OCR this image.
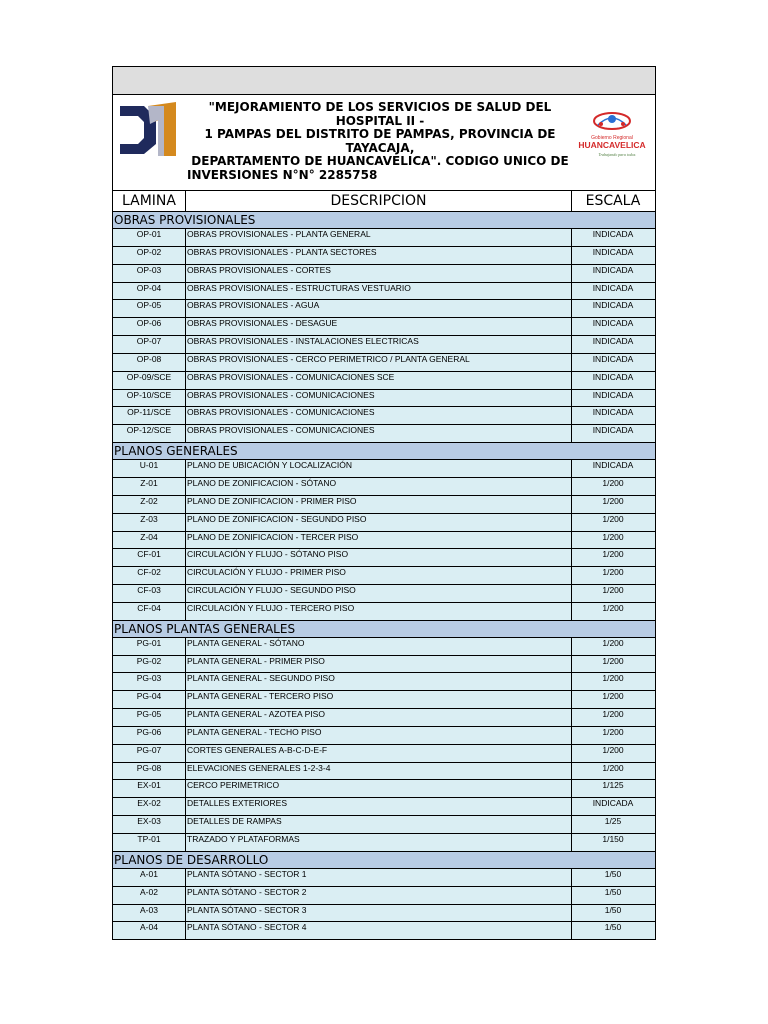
"MEJORAMIENTO DE LOS SERVICIOS DE SALUD DEL HOSPITAL II -
1 PAMPAS DEL DISTRITO DE PAMPAS, PROVINCIA DE TAYACAJA,
DEPARTAMENTO DE HUANCAVELICA". CODIGO UNICO DE
INVERSIONES N°N° 2285758
Gobierno Regional
HUANCAVELICA
Trabajando para todos
LAMINA	DESCRIPCION	ESCALA
OBRAS PROVISIONALES
OP-01	OBRAS PROVISIONALES - PLANTA GENERAL	INDICADA
OP-02	OBRAS PROVISIONALES - PLANTA SECTORES	INDICADA
OP-03	OBRAS PROVISIONALES - CORTES	INDICADA
OP-04	OBRAS PROVISIONALES - ESTRUCTURAS VESTUARIO	INDICADA
OP-05	OBRAS PROVISIONALES - AGUA	INDICADA
OP-06	OBRAS PROVISIONALES - DESAGUE	INDICADA
OP-07	OBRAS PROVISIONALES - INSTALACIONES ELECTRICAS	INDICADA
OP-08	OBRAS PROVISIONALES - CERCO PERIMETRICO / PLANTA GENERAL	INDICADA
OP-09/SCE	OBRAS PROVISIONALES - COMUNICACIONES SCE	INDICADA
OP-10/SCE	OBRAS PROVISIONALES - COMUNICACIONES	INDICADA
OP-11/SCE	OBRAS PROVISIONALES - COMUNICACIONES	INDICADA
OP-12/SCE	OBRAS PROVISIONALES - COMUNICACIONES	INDICADA
PLANOS GENERALES
U-01	PLANO DE UBICACIÓN Y LOCALIZACIÓN	INDICADA
Z-01	PLANO DE ZONIFICACION - SÓTANO	1/200
Z-02	PLANO DE ZONIFICACION - PRIMER PISO	1/200
Z-03	PLANO DE ZONIFICACION - SEGUNDO PISO	1/200
Z-04	PLANO DE ZONIFICACION - TERCER PISO	1/200
CF-01	CIRCULACIÓN Y FLUJO - SÓTANO PISO	1/200
CF-02	CIRCULACIÓN Y FLUJO - PRIMER PISO	1/200
CF-03	CIRCULACIÓN Y FLUJO - SEGUNDO PISO	1/200
CF-04	CIRCULACIÓN Y FLUJO - TERCERO PISO	1/200
PLANOS PLANTAS GENERALES
PG-01	PLANTA GENERAL - SÓTANO	1/200
PG-02	PLANTA GENERAL - PRIMER PISO	1/200
PG-03	PLANTA GENERAL - SEGUNDO PISO	1/200
PG-04	PLANTA GENERAL - TERCERO PISO	1/200
PG-05	PLANTA GENERAL - AZOTEA PISO	1/200
PG-06	PLANTA GENERAL - TECHO PISO	1/200
PG-07	CORTES GENERALES A-B-C-D-E-F	1/200
PG-08	ELEVACIONES GENERALES 1-2-3-4	1/200
EX-01	CERCO PERIMETRICO	1/125
EX-02	DETALLES EXTERIORES	INDICADA
EX-03	DETALLES DE RAMPAS	1/25
TP-01	TRAZADO Y PLATAFORMAS	1/150
PLANOS DE DESARROLLO
A-01	PLANTA SÓTANO - SECTOR 1	1/50
A-02	PLANTA SÓTANO - SECTOR 2	1/50
A-03	PLANTA SÓTANO - SECTOR 3	1/50
A-04	PLANTA SÓTANO - SECTOR 4	1/50
